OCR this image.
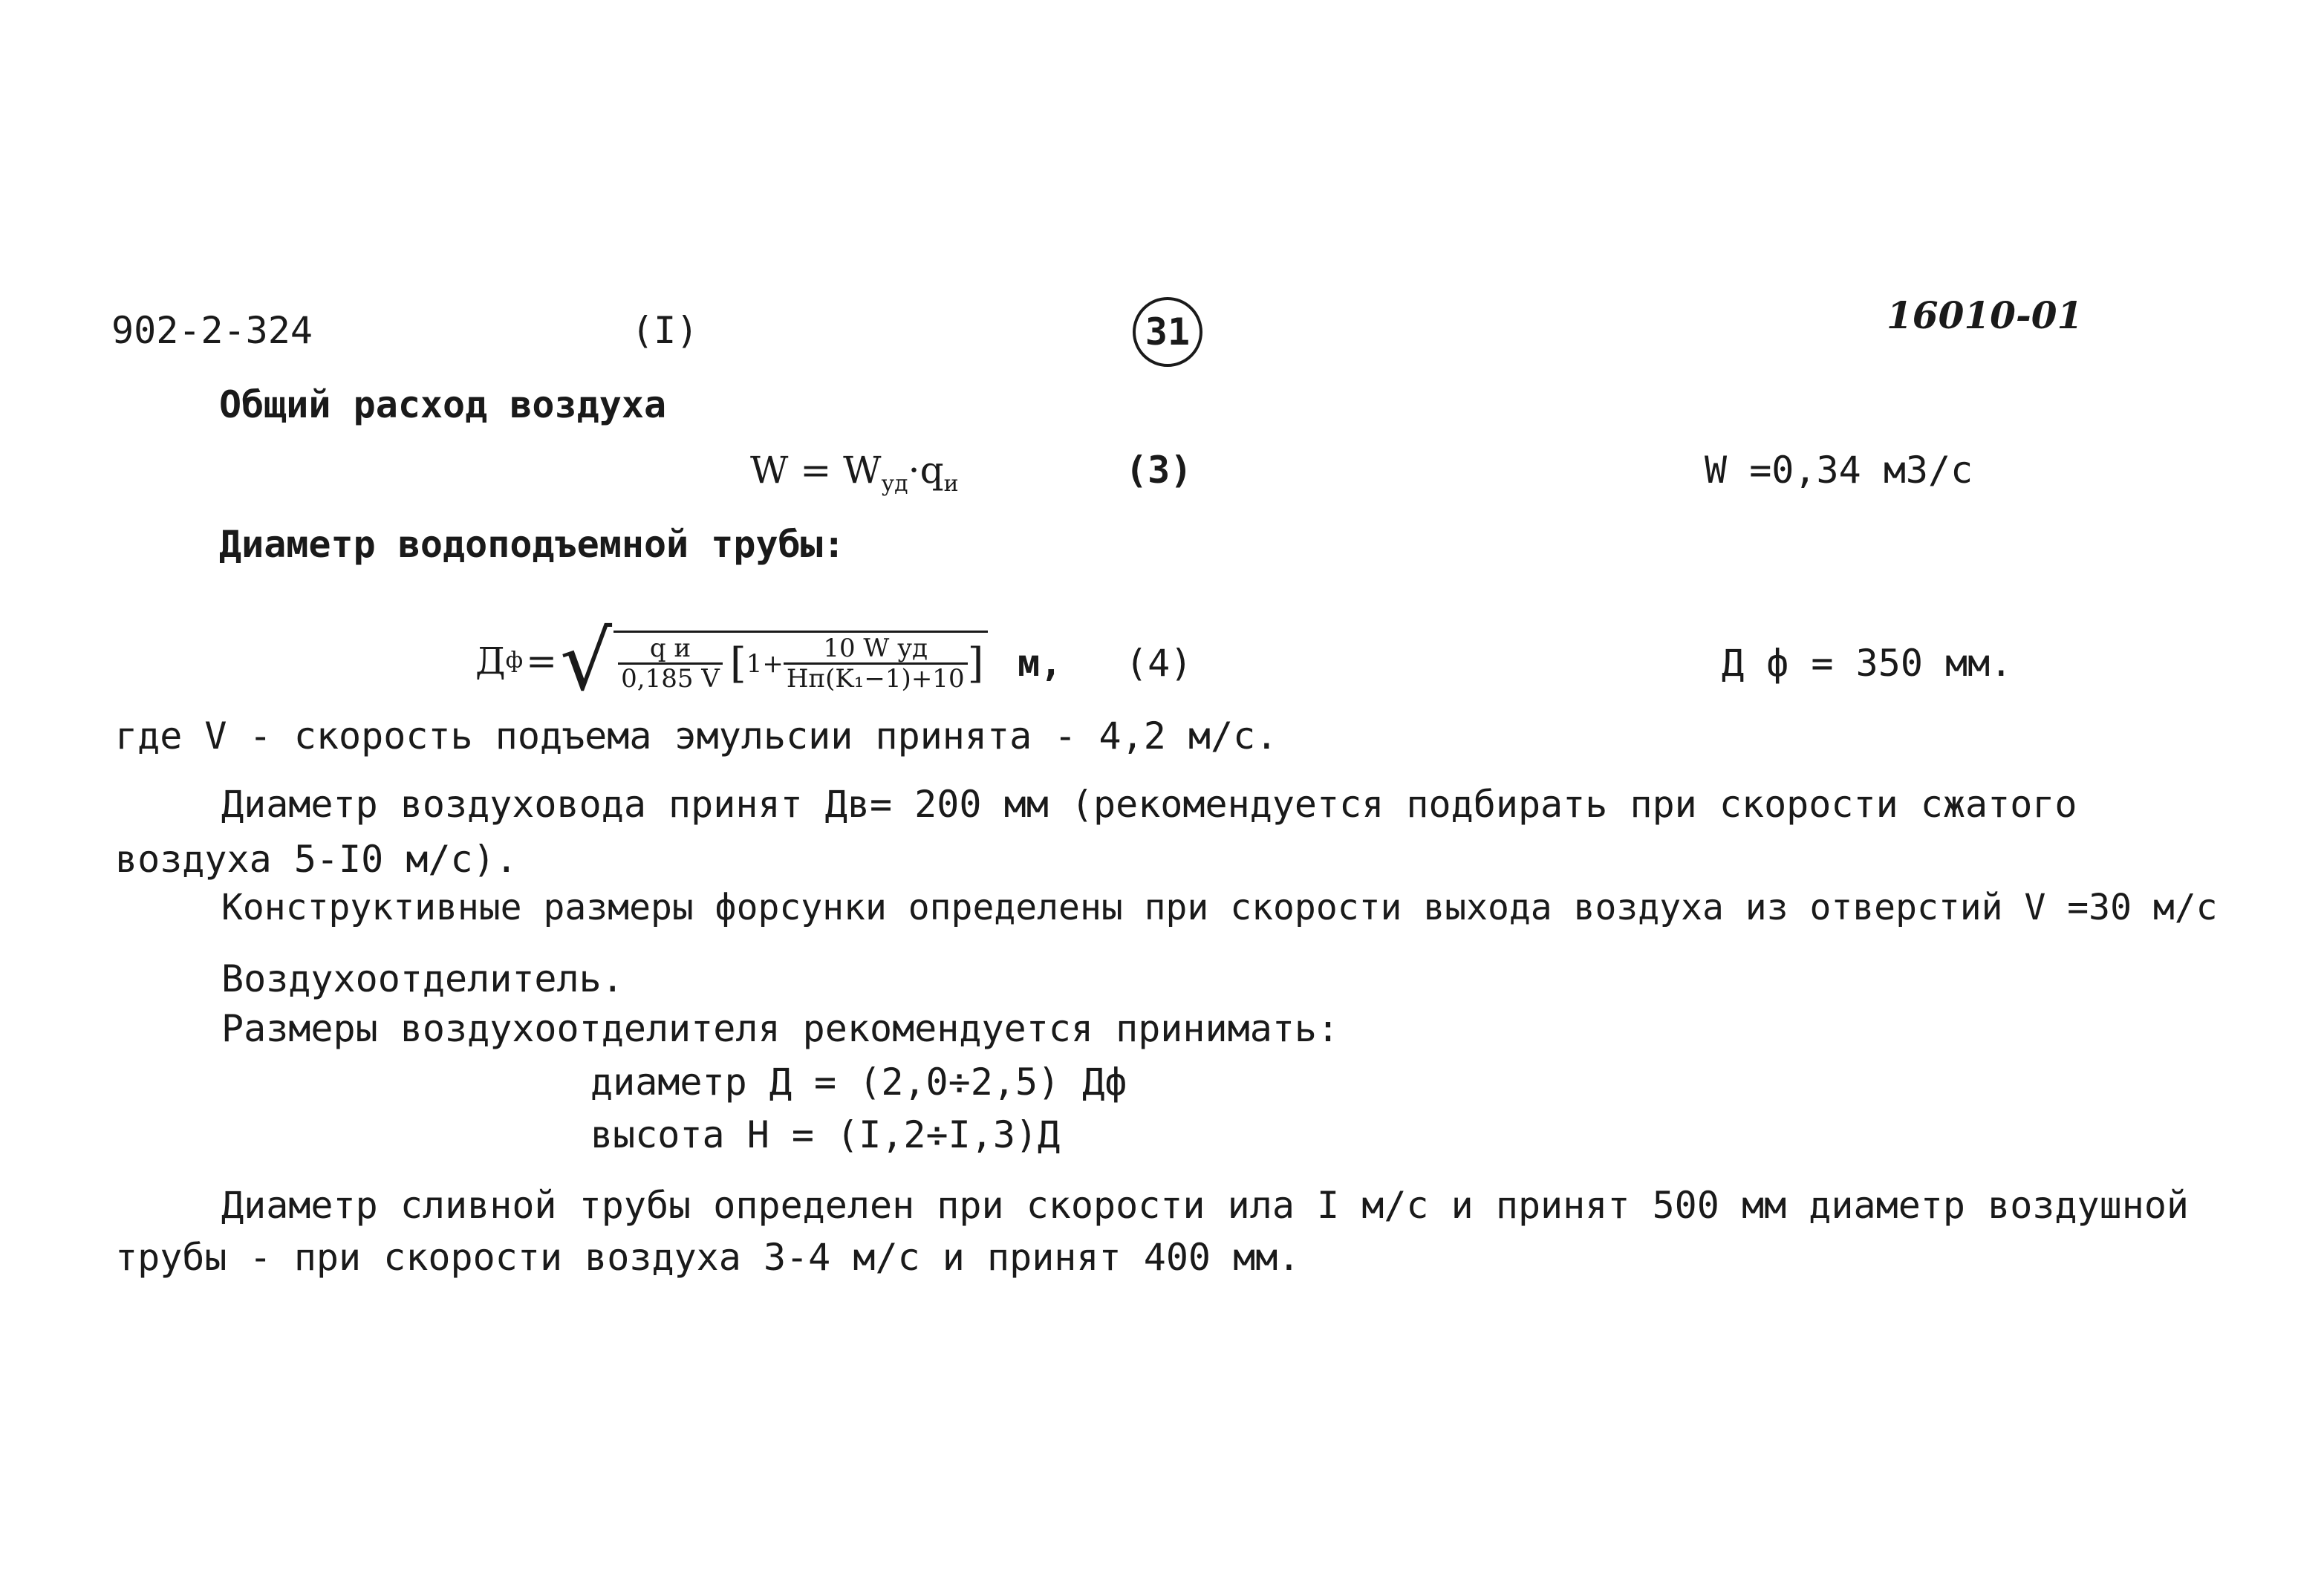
902-2-324	(I)	31	16010-01
Общий расход воздуха
$W = W_{уд}\cdot q_и$	(3)	W =0,34 м3/с
Диаметр водоподъемной трубы:
Д ф = √ $\frac{\text{q и}}{0,185 V}$ [ $1+ \frac{\text{10 W уд}}{\text{Hп(K₁−1)+10}}$ ] м, (4)	Д ф = 350 мм.
где V - скорость подъема эмульсии принята - 4,2 м/с.
Диаметр воздуховода принят Дв= 200 мм (рекомендуется подбирать при скорости сжатого
воздуха 5-I0 м/с).
Конструктивные размеры форсунки определены при скорости выхода воздуха из отверстий V =30 м/с
Воздухоотделитель.
Размеры воздухоотделителя рекомендуется принимать:
диаметр Д = (2,0÷2,5) Дф
высота H = (I,2÷I,3)Д
Диаметр сливной трубы определен при скорости ила I м/с и принят 500 мм диаметр воздушной
трубы - при скорости воздуха 3-4 м/с и принят 400 мм.
